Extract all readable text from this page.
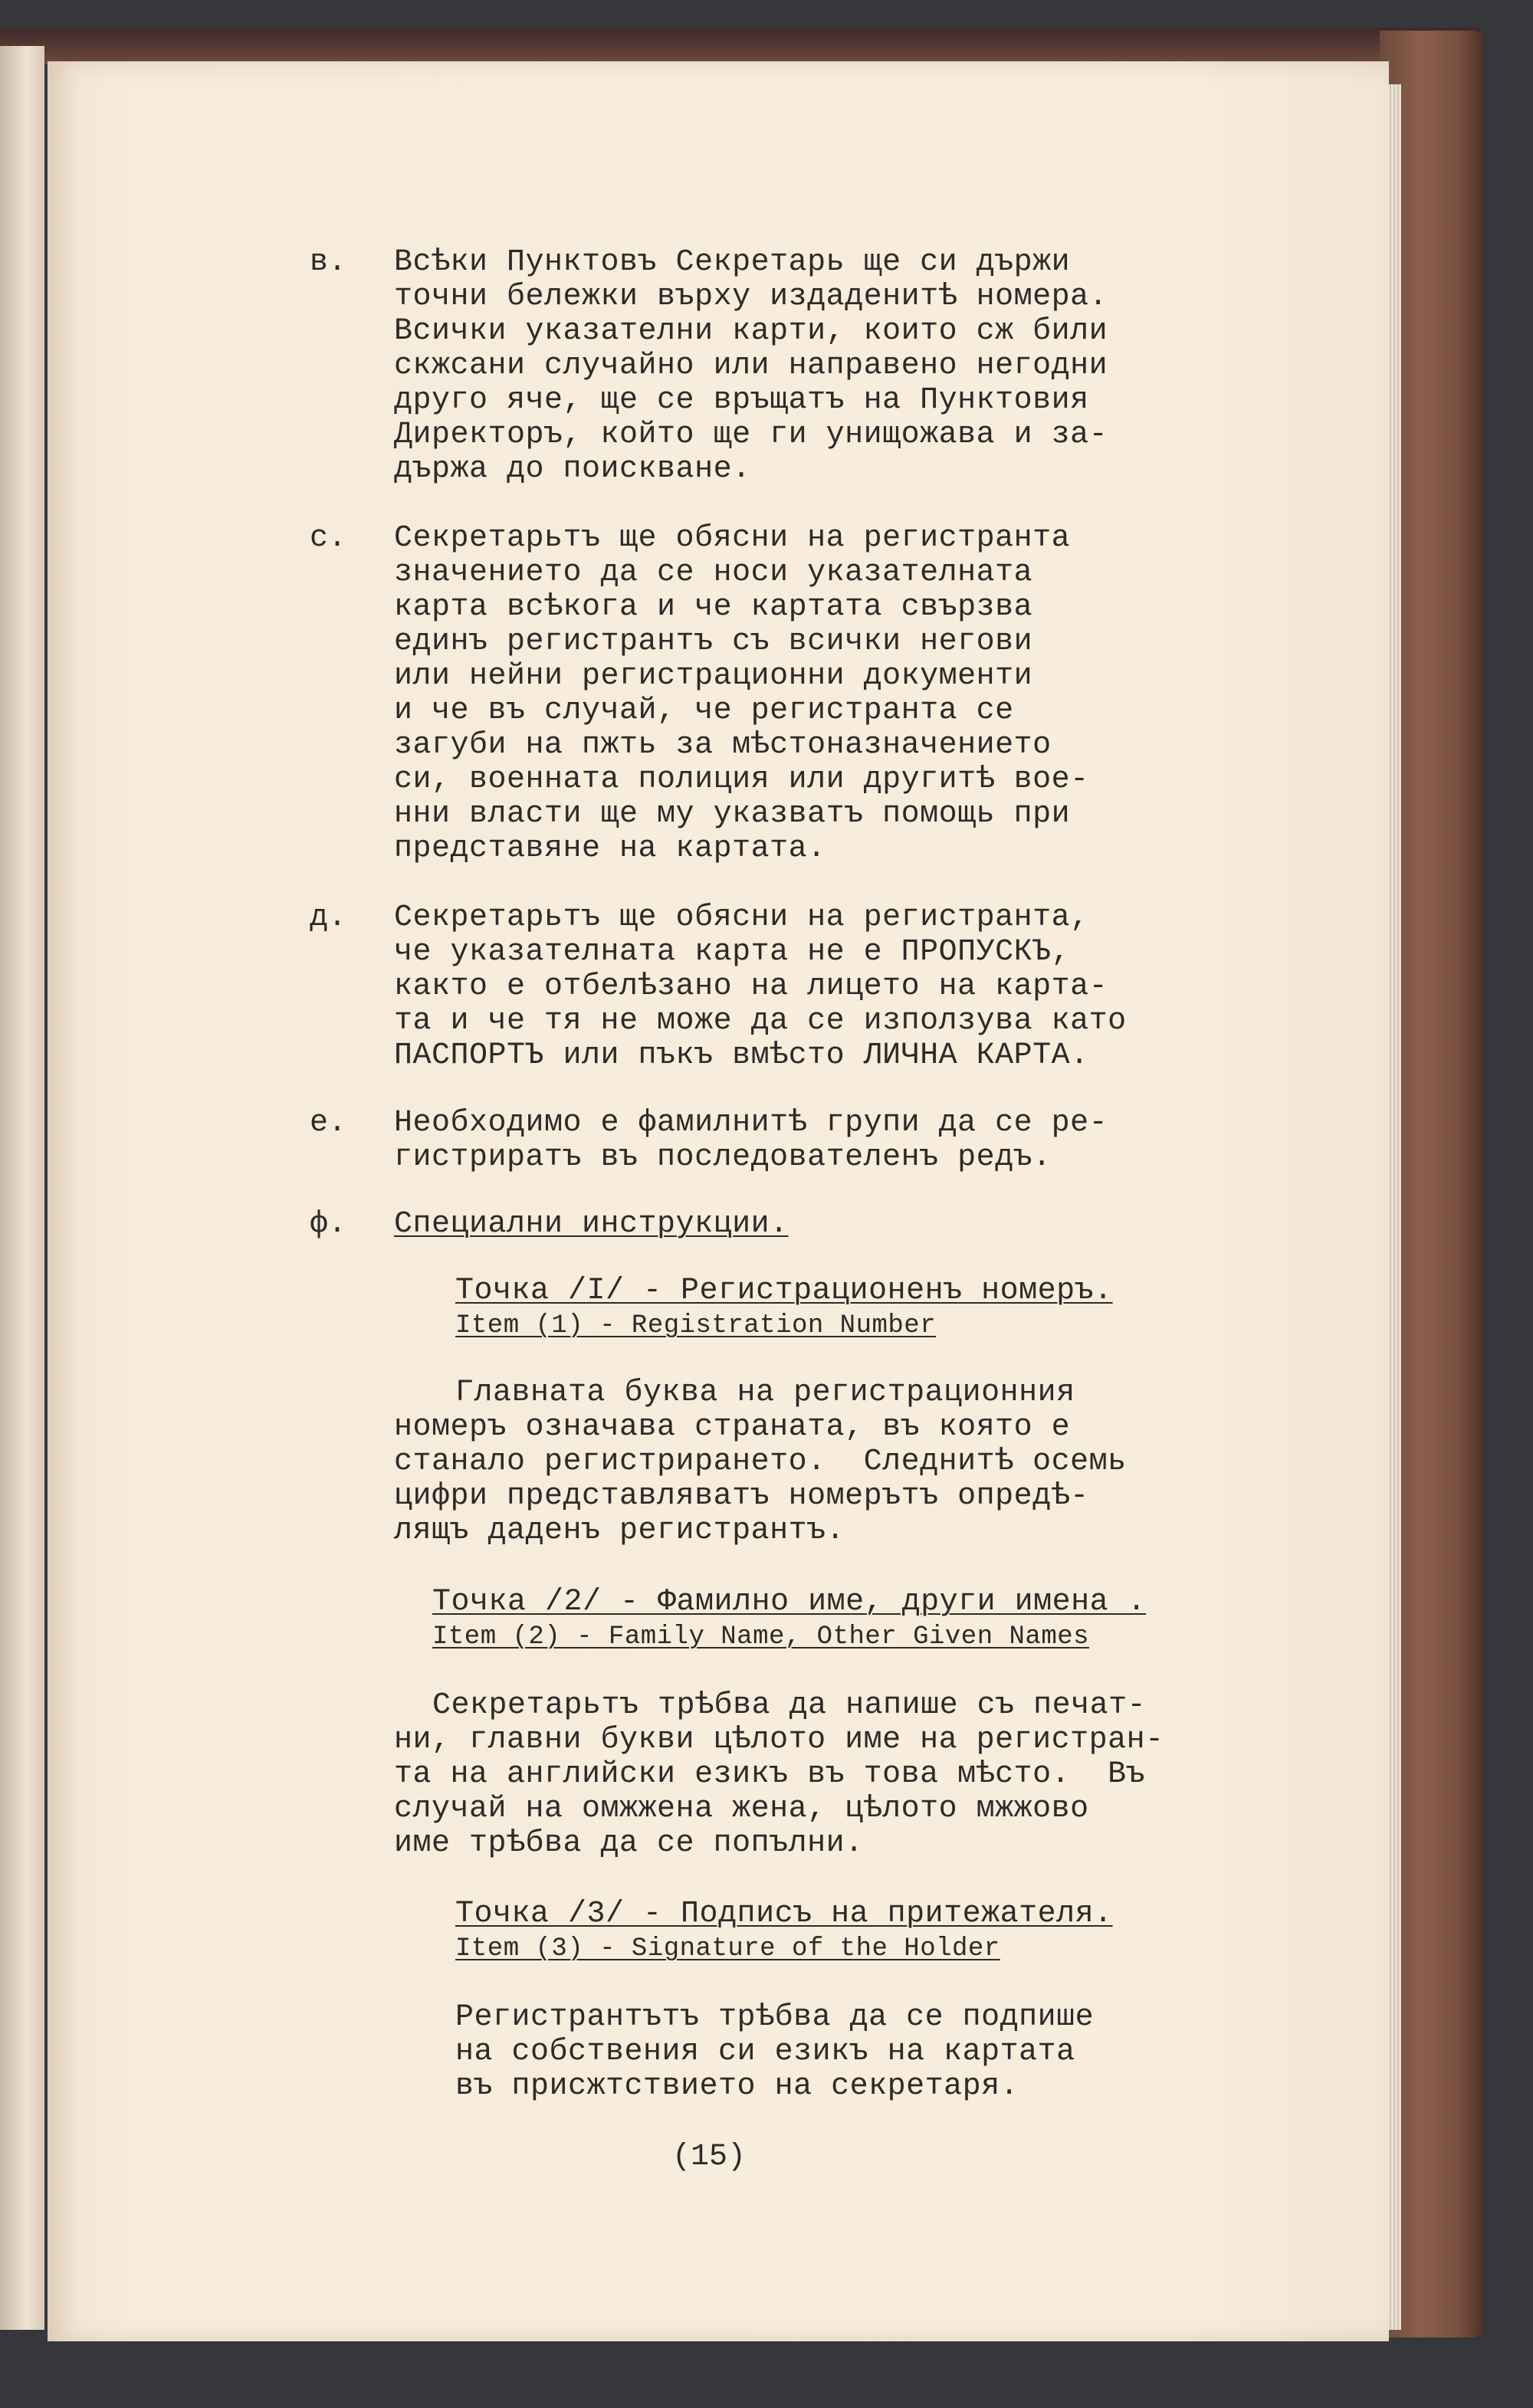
в. Всѣки Пунктовъ Секретарь ще си държи
точни бележки върху издаденитѣ номера.
Всички указателни карти, които сж били
скжсани случайно или направено негодни
друго яче, ще се връщатъ на Пунктовия
Директоръ, който ще ги унищожава и за-
държа до поискване.
с. Секретарьтъ ще обясни на регистранта
значението да се носи указателната
карта всѣкога и че картата свързва
единъ регистрантъ съ всички негови
или нейни регистрационни документи
и че въ случай, че регистранта се
загуби на пжть за мѣстоназначението
си, военната полиция или другитѣ вое-
нни власти ще му указватъ помощь при
представяне на картата.
д. Секретарьтъ ще обясни на регистранта,
че указателната карта не е ПРОПУСКЪ,
както е отбелѣзано на лицето на карта-
та и че тя не може да се използува като
ПАСПОРТЪ или пъкъ вмѣсто ЛИЧНА КАРТА.
е. Необходимо е фамилнитѣ групи да се ре-
гистриратъ въ последователенъ редъ.
ф. Специални инструкции.
Точка /I/ - Регистрационенъ номеръ.
Item (1) - Registration Number
Главната буква на регистрационния
номеръ означава страната, въ която е
станало регистрирането.  Следнитѣ осемь
цифри представляватъ номерътъ опредѣ-
лящъ даденъ регистрантъ.
Точка /2/ - Фамилно име, други имена .
Item (2) - Family Name, Other Given Names
Секретарьтъ трѣбва да напише съ печат-
ни, главни букви цѣлото име на регистран-
та на английски езикъ въ това мѣсто.  Въ
случай на омжжена жена, цѣлото мжжово
име трѣбва да се попълни.
Точка /3/ - Подписъ на притежателя.
Item (3) - Signature of the Holder
Регистрантътъ трѣбва да се подпише
на собствения си езикъ на картата
въ присжтствието на секретаря.
(15)
